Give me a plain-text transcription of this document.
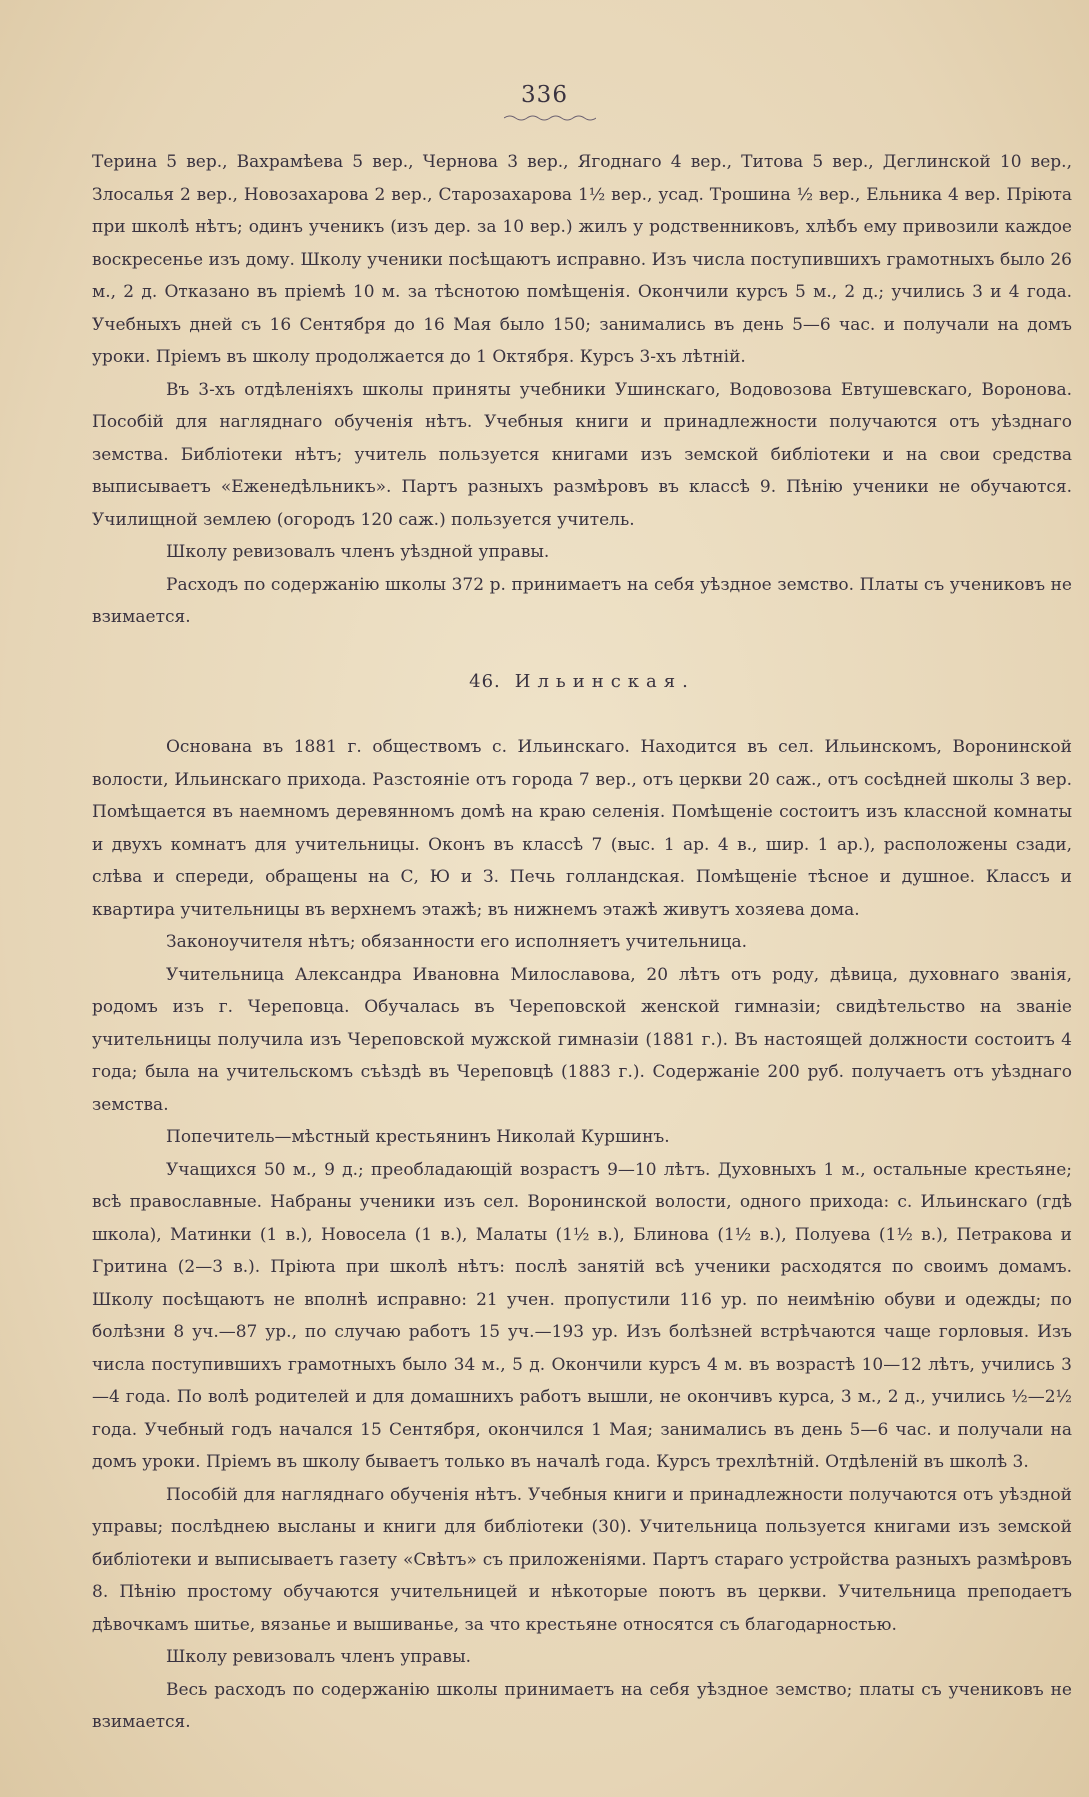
336

Терина 5 вер., Вахрамѣева 5 вер., Чернова 3 вер., Ягоднаго 4 вер., Титова 5 вер., Деглинской 10 вер., Злосалья 2 вер., Новозахарова 2 вер., Старозахарова 1½ вер., усад. Трошина ½ вер., Ельника 4 вер. Пріюта при школѣ нѣтъ; одинъ ученикъ (изъ дер. за 10 вер.) жилъ у родственниковъ, хлѣбъ ему привозили каждое воскресенье изъ дому. Школу ученики посѣщаютъ исправно. Изъ числа поступившихъ грамотныхъ было 26 м., 2 д. Отказано въ пріемѣ 10 м. за тѣснотою помѣщенія. Окончили курсъ 5 м., 2 д.; учились 3 и 4 года. Учебныхъ дней съ 16 Сентября до 16 Мая было 150; занимались въ день 5—6 час. и получали на домъ уроки. Пріемъ въ школу продолжается до 1 Октября. Курсъ 3-хъ лѣтній.

Въ 3-хъ отдѣленіяхъ школы приняты учебники Ушинскаго, Водовозова Евтушевскаго, Воронова. Пособій для нагляднаго обученія нѣтъ. Учебныя книги и принадлежности получаются отъ уѣзднаго земства. Библіотеки нѣтъ; учитель пользуется книгами изъ земской библіотеки и на свои средства выписываетъ «Еженедѣльникъ». Партъ разныхъ размѣровъ въ классѣ 9. Пѣнію ученики не обучаются. Училищной землею (огородъ 120 саж.) пользуется учитель.

Школу ревизовалъ членъ уѣздной управы.

Расходъ по содержанію школы 372 р. принимаетъ на себя уѣздное земство. Платы съ учениковъ не взимается.

46. Ильинская.

Основана въ 1881 г. обществомъ с. Ильинскаго. Находится въ сел. Ильинскомъ, Воронинской волости, Ильинскаго прихода. Разстояніе отъ города 7 вер., отъ церкви 20 саж., отъ сосѣдней школы 3 вер. Помѣщается въ наемномъ деревянномъ домѣ на краю селенія. Помѣщеніе состоитъ изъ классной комнаты и двухъ комнатъ для учительницы. Оконъ въ классѣ 7 (выс. 1 ар. 4 в., шир. 1 ар.), расположены сзади, слѣва и спереди, обращены на С, Ю и З. Печь голландская. Помѣщеніе тѣсное и душное. Классъ и квартира учительницы въ верхнемъ этажѣ; въ нижнемъ этажѣ живутъ хозяева дома.

Законоучителя нѣтъ; обязанности его исполняетъ учительница.

Учительница Александра Ивановна Милославова, 20 лѣтъ отъ роду, дѣвица, духовнаго званія, родомъ изъ г. Череповца. Обучалась въ Череповской женской гимназіи; свидѣтельство на званіе учительницы получила изъ Череповской мужской гимназіи (1881 г.). Въ настоящей должности состоитъ 4 года; была на учительскомъ съѣздѣ въ Череповцѣ (1883 г.). Содержаніе 200 руб. получаетъ отъ уѣзднаго земства.

Попечитель—мѣстный крестьянинъ Николай Куршинъ.

Учащихся 50 м., 9 д.; преобладающій возрастъ 9—10 лѣтъ. Духовныхъ 1 м., остальные крестьяне; всѣ православные. Набраны ученики изъ сел. Воронинской волости, одного прихода: с. Ильинскаго (гдѣ школа), Матинки (1 в.), Новосела (1 в.), Малаты (1½ в.), Блинова (1½ в.), Полуева (1½ в.), Петракова и Гритина (2—3 в.). Пріюта при школѣ нѣтъ: послѣ занятій всѣ ученики расходятся по своимъ домамъ. Школу посѣщаютъ не вполнѣ исправно: 21 учен. пропустили 116 ур. по неимѣнію обуви и одежды; по болѣзни 8 уч.—87 ур., по случаю работъ 15 уч.—193 ур. Изъ болѣзней встрѣчаются чаще горловыя. Изъ числа поступившихъ грамотныхъ было 34 м., 5 д. Окончили курсъ 4 м. въ возрастѣ 10—12 лѣтъ, учились 3—4 года. По волѣ родителей и для домашнихъ работъ вышли, не окончивъ курса, 3 м., 2 д., учились ½—2½ года. Учебный годъ начался 15 Сентября, окончился 1 Мая; занимались въ день 5—6 час. и получали на домъ уроки. Пріемъ въ школу бываетъ только въ началѣ года. Курсъ трехлѣтній. Отдѣленій въ школѣ 3.

Пособій для нагляднаго обученія нѣтъ. Учебныя книги и принадлежности получаются отъ уѣздной управы; послѣднею высланы и книги для библіотеки (30). Учительница пользуется книгами изъ земской библіотеки и выписываетъ газету «Свѣтъ» съ приложеніями. Партъ стараго устройства разныхъ размѣровъ 8. Пѣнію простому обучаются учительницей и нѣкоторые поютъ въ церкви. Учительница преподаетъ дѣвочкамъ шитье, вязанье и вышиванье, за что крестьяне относятся съ благодарностью.

Школу ревизовалъ членъ управы.

Весь расходъ по содержанію школы принимаетъ на себя уѣздное земство; платы съ учениковъ не взимается.
